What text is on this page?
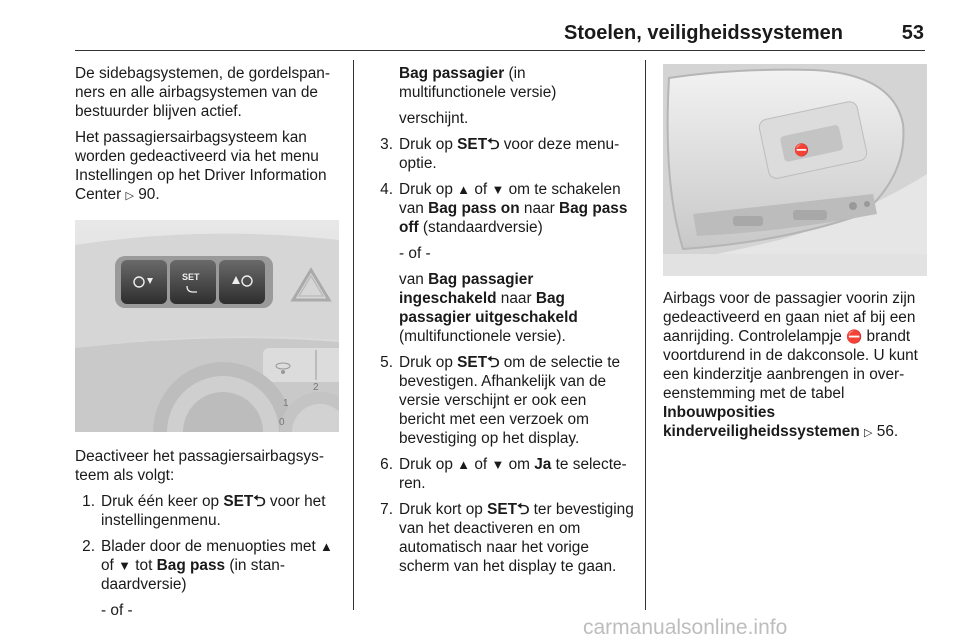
Stoelen, veiligheidssystemen	53

De sidebagsystemen, de gordelspanners en alle airbagsystemen van de bestuurder blijven actief.

Het passagiersairbagsysteem kan worden gedeactiveerd via het menu Instellingen op het Driver Information Center ▷ 90.

SET
1
2
0

Deactiveer het passagiersairbagsysteem als volgt:

1. Druk één keer op SET⮌ voor het instellingenmenu.
2. Blader door de menuopties met ▲ of ▼ tot Bag pass (in standaardversie)

- of -

Bag passagier (in multifunctionele versie)

verschijnt.

3. Druk op SET⮌ voor deze menuoptie.
4. Druk op ▲ of ▼ om te schakelen van Bag pass on naar Bag pass off (standaardversie)

- of -

van Bag passagier ingeschakeld naar Bag passagier uitgeschakeld (multifunctionele versie).

5. Druk op SET⮌ om de selectie te bevestigen. Afhankelijk van de versie verschijnt er ook een bericht met een verzoek om bevestiging op het display.
6. Druk op ▲ of ▼ om Ja te selecteren.
7. Druk kort op SET⮌ ter bevestiging van het deactiveren en om automatisch naar het vorige scherm van het display te gaan.
⛔

Airbags voor de passagier voorin zijn gedeactiveerd en gaan niet af bij een aanrijding. Controlelampje ⛔ brandt voortdurend in de dakconsole. U kunt een kinderzitje aanbrengen in overeenstemming met de tabel
Inbouwposities kinderveiligheidssystemen ▷ 56.

carmanualsonline.info
